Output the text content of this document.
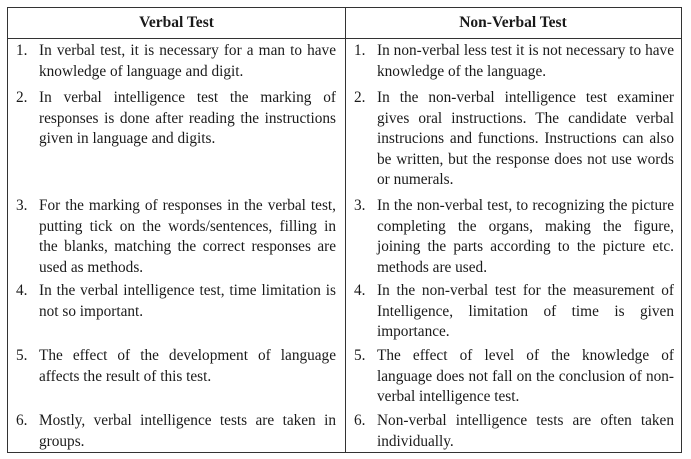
Verbal Test	Non-Verbal Test
1. In verbal test, it is necessary for a man to have knowledge of language and digit.
2. In verbal intelligence test the marking of responses is done after reading the instructions given in language and digits.
3. For the marking of responses in the verbal test, putting tick on the words/sentences, filling in the blanks, matching the correct responses are used as methods.
4. In the verbal intelligence test, time limitation is not so important.
5. The effect of the development of language affects the result of this test.
6. Mostly, verbal intelligence tests are taken in groups.
1. In non-verbal less test it is not necessary to have knowledge of the language.
2. In the non-verbal intelligence test examiner gives oral instructions. The candidate verbal instrucions and functions. Instructions can also be written, but the response does not use words or numerals.
3. In the non-verbal test, to recognizing the picture completing the organs, making the figure, joining the parts according to the picture etc. methods are used.
4. In the non-verbal test for the measurement of Intelligence, limitation of time is given importance.
5. The effect of level of the knowledge of language does not fall on the conclusion of non-verbal intelligence test.
6. Non-verbal intelligence tests are often taken individually.
